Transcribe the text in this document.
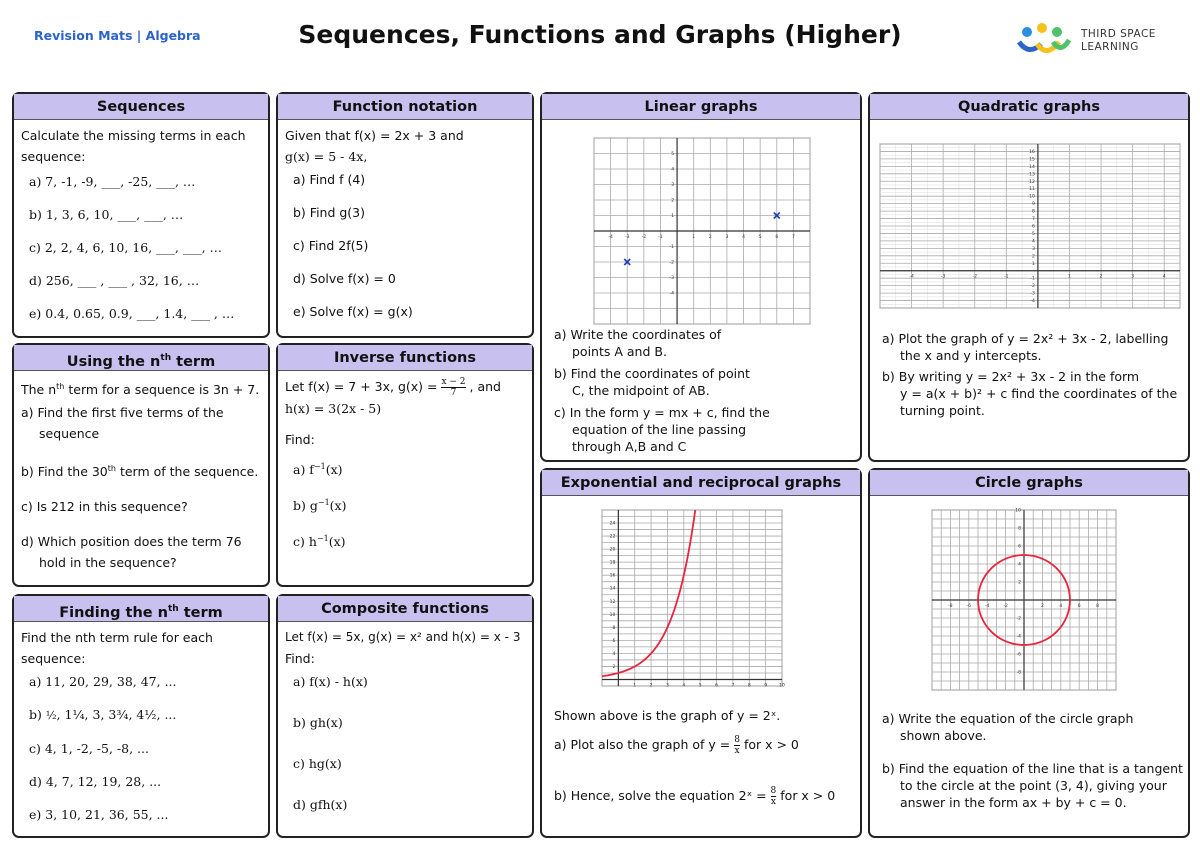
Revision Mats | Algebra	Sequences, Functions and Graphs (Higher)	THIRD SPACE
LEARNING
Sequences
Calculate the missing terms in each
sequence:
a) 7, -1, -9, ___, -25, ___, …
b) 1, 3, 6, 10, ___, ___, …
c) 2, 2, 4, 6, 10, 16, ___, ___, …
d) 256, ___ , ___ , 32, 16, …
e) 0.4, 0.65, 0.9, ___, 1.4, ___ , …
Using the $n^{th}$ term
The $n^{th}$ term for a sequence is 3n + 7.
a) Find the first five terms of the
sequence
b) Find the 30th term of the sequence.
c) Is 212 in this sequence?
d) Which position does the term 76
hold in the sequence?
Finding the $n^{th}$ term
Find the nth term rule for each
sequence:
a) 11, 20, 29, 38, 47, ...
b) ½, 1¼, 3, 3¾, 4½, ...
c) 4, 1, -2, -5, -8, ...
d) 4, 7, 12, 19, 28, ...
e) 3, 10, 21, 36, 55, ...
Function notation
Given that f(x) = 2x + 3 and
g(x) = 5 - 4x,
a) Find f (4)
b) Find g(3)
c) Find 2f(5)
d) Solve f(x) = 0
e) Solve f(x) = g(x)
Inverse functions
Let f(x) = 7 + 3x, $g(x) = \frac{x - 2}{7}$ , and
h(x) = 3(2x - 5)
Find:
a) $f^{-1}(x)$
b) $g^{-1}(x)$
c) $h^{-1}(x)$
Composite functions
Let f(x) = 5x, g(x) = x² and h(x) = x - 3
Find:
a) f(x) - h(x)
b) gh(x)
c) hg(x)
d) gfh(x)
Linear graphs
-4	-3	-2	-1	1	2	3	4	5	6	7
-4
-3
-2
-1
1
2
3
4
5
a) Write the coordinates of
points A and B.
b) Find the coordinates of point
C, the midpoint of AB.
c) In the form y = mx + c, find the
equation of the line passing
through A,B and C
Quadratic graphs
-4	-3	-2	-1	1	2	3	4
-4
-3
-2
-1
1
2
3
4
5
6
7
8
9
10
11
12
13
14
15
16
a) Plot the graph of y = 2x² + 3x - 2, labelling
the x and y intercepts.
b) By writing y = 2x² + 3x - 2 in the form
y = a(x + b)² + c find the coordinates of the
turning point.
Exponential and reciprocal graphs
1	2	3	4	5	6	7	8	9	10
2
4
6
8
10
12
14
16
18
20
22
24
Shown above is the graph of y = 2ˣ.
a) Plot also the graph of $y = \frac{8}{x}$ for x > 0
b) Hence, solve the equation 2ˣ = $\frac{8}{x}$ for x > 0
Circle graphs
-8	-6	-4	-2	2	4	6	8
-8
-6
-4
-2
2
4
6
8
10
a) Write the equation of the circle graph
shown above.
b) Find the equation of the line that is a tangent
to the circle at the point (3, 4), giving your
answer in the form ax + by + c = 0.
